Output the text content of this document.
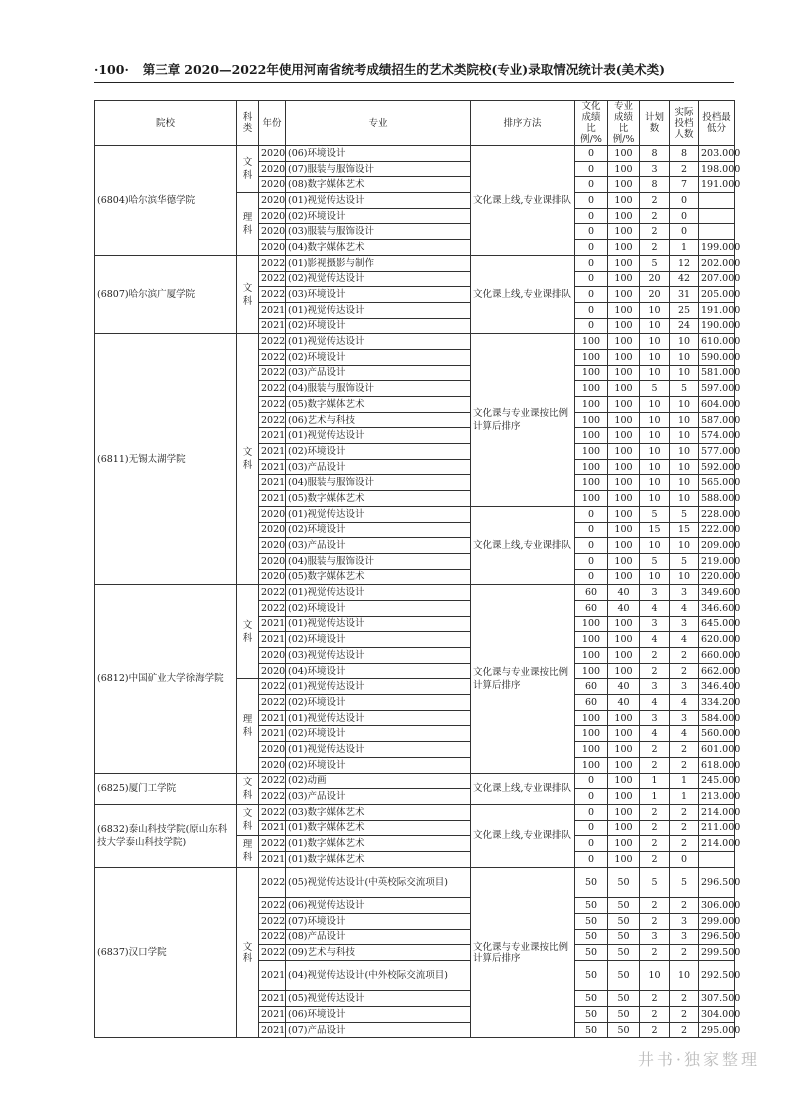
·100· 第三章 2020—2022年使用河南省统考成绩招生的艺术类院校(专业)录取情况统计表(美术类)
院校	科类	年份	专业	排序方法	文化成绩比例/%	专业成绩比例/%	计划数	实际投档人数	投档最低分
(6804)哈尔滨华德学院	文科	2020	(06)环境设计	文化课上线,专业课排队	0	100	8	8	203.000
		2020	(07)服装与服饰设计		0	100	3	2	198.000
		2020	(08)数字媒体艺术		0	100	8	7	191.000
	理科	2020	(01)视觉传达设计		0	100	2	0	
		2020	(02)环境设计		0	100	2	0	
		2020	(03)服装与服饰设计		0	100	2	0	
		2020	(04)数字媒体艺术		0	100	2	1	199.000
(6807)哈尔滨广厦学院	文科	2022	(01)影视摄影与制作	文化课上线,专业课排队	0	100	5	12	202.000
		2022	(02)视觉传达设计		0	100	20	42	207.000
		2022	(03)环境设计		0	100	20	31	205.000
		2021	(01)视觉传达设计		0	100	10	25	191.000
		2021	(02)环境设计		0	100	10	24	190.000
(6811)无锡太湖学院	文科	2022	(01)视觉传达设计	文化课与专业课按比例计算后排序	100	100	10	10	610.000
		2022	(02)环境设计		100	100	10	10	590.000
		2022	(03)产品设计		100	100	10	10	581.000
		2022	(04)服装与服饰设计		100	100	5	5	597.000
		2022	(05)数字媒体艺术		100	100	10	10	604.000
		2022	(06)艺术与科技		100	100	10	10	587.000
		2021	(01)视觉传达设计		100	100	10	10	574.000
		2021	(02)环境设计		100	100	10	10	577.000
		2021	(03)产品设计		100	100	10	10	592.000
		2021	(04)服装与服饰设计		100	100	10	10	565.000
		2021	(05)数字媒体艺术		100	100	10	10	588.000
		2020	(01)视觉传达设计	文化课上线,专业课排队	0	100	5	5	228.000
		2020	(02)环境设计		0	100	15	15	222.000
		2020	(03)产品设计		0	100	10	10	209.000
		2020	(04)服装与服饰设计		0	100	5	5	219.000
		2020	(05)数字媒体艺术		0	100	10	10	220.000
(6812)中国矿业大学徐海学院	文科	2022	(01)视觉传达设计	文化课与专业课按比例计算后排序	60	40	3	3	349.600
		2022	(02)环境设计		60	40	4	4	346.600
		2021	(01)视觉传达设计		100	100	3	3	645.000
		2021	(02)环境设计		100	100	4	4	620.000
		2020	(03)视觉传达设计		100	100	2	2	660.000
		2020	(04)环境设计		100	100	2	2	662.000
	理科	2022	(01)视觉传达设计		60	40	3	3	346.400
		2022	(02)环境设计		60	40	4	4	334.200
		2021	(01)视觉传达设计		100	100	3	3	584.000
		2021	(02)环境设计		100	100	4	4	560.000
		2020	(01)视觉传达设计		100	100	2	2	601.000
		2020	(02)环境设计		100	100	2	2	618.000
(6825)厦门工学院	文科	2022	(02)动画	文化课上线,专业课排队	0	100	1	1	245.000
		2022	(03)产品设计		0	100	1	1	213.000
(6832)泰山科技学院(原山东科技大学泰山科技学院)	文科	2022	(03)数字媒体艺术	文化课上线,专业课排队	0	100	2	2	214.000
		2021	(01)数字媒体艺术		0	100	2	2	211.000
	理科	2022	(01)数字媒体艺术		0	100	2	2	214.000
		2021	(01)数字媒体艺术		0	100	2	0	
(6837)汉口学院	文科	2022	(05)视觉传达设计(中英校际交流项目)	文化课与专业课按比例计算后排序	50	50	5	5	296.500
		2022	(06)视觉传达设计		50	50	2	2	306.000
		2022	(07)环境设计		50	50	2	3	299.000
		2022	(08)产品设计		50	50	3	3	296.500
		2022	(09)艺术与科技		50	50	2	2	299.500
		2021	(04)视觉传达设计(中外校际交流项目)		50	50	10	10	292.500
		2021	(05)视觉传达设计		50	50	2	2	307.500
		2021	(06)环境设计		50	50	2	2	304.000
		2021	(07)产品设计		50	50	2	2	295.000
井书·独家整理
